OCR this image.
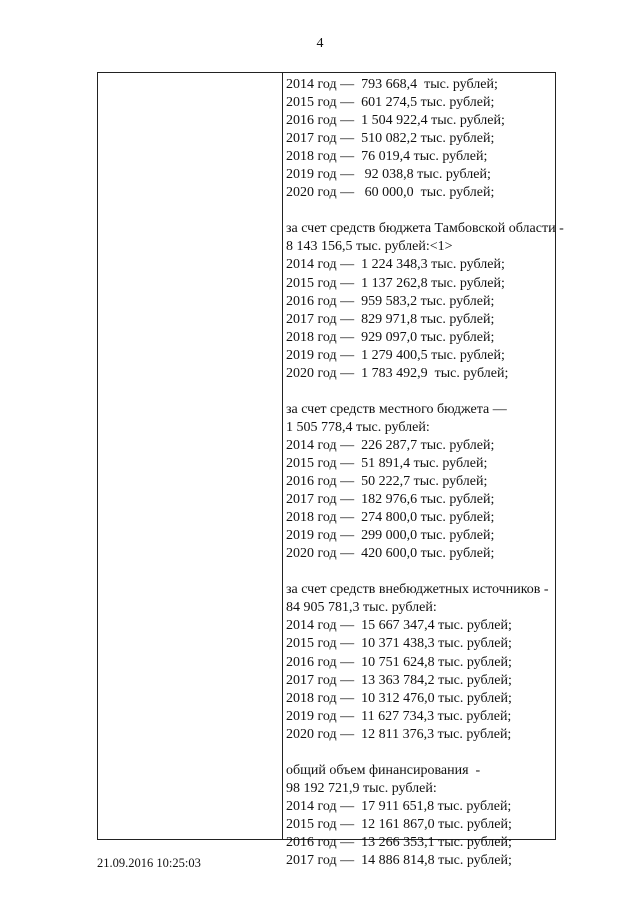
4
2014 год —  793 668,4  тыс. рублей;
2015 год —  601 274,5 тыс. рублей;
2016 год —  1 504 922,4 тыс. рублей;
2017 год —  510 082,2 тыс. рублей;
2018 год —  76 019,4 тыс. рублей;
2019 год —   92 038,8 тыс. рублей;
2020 год —   60 000,0  тыс. рублей;
за счет средств бюджета Тамбовской области -
8 143 156,5 тыс. рублей:<1>
2014 год —  1 224 348,3 тыс. рублей;
2015 год —  1 137 262,8 тыс. рублей;
2016 год —  959 583,2 тыс. рублей;
2017 год —  829 971,8 тыс. рублей;
2018 год —  929 097,0 тыс. рублей;
2019 год —  1 279 400,5 тыс. рублей;
2020 год —  1 783 492,9  тыс. рублей;
за счет средств местного бюджета —
1 505 778,4 тыс. рублей:
2014 год —  226 287,7 тыс. рублей;
2015 год —  51 891,4 тыс. рублей;
2016 год —  50 222,7 тыс. рублей;
2017 год —  182 976,6 тыс. рублей;
2018 год —  274 800,0 тыс. рублей;
2019 год —  299 000,0 тыс. рублей;
2020 год —  420 600,0 тыс. рублей;
за счет средств внебюджетных источников -
84 905 781,3 тыс. рублей:
2014 год —  15 667 347,4 тыс. рублей;
2015 год —  10 371 438,3 тыс. рублей;
2016 год —  10 751 624,8 тыс. рублей;
2017 год —  13 363 784,2 тыс. рублей;
2018 год —  10 312 476,0 тыс. рублей;
2019 год —  11 627 734,3 тыс. рублей;
2020 год —  12 811 376,3 тыс. рублей;
общий объем финансирования  -
98 192 721,9 тыс. рублей:
2014 год —  17 911 651,8 тыс. рублей;
2015 год —  12 161 867,0 тыс. рублей;
2016 год —  13 266 353,1 тыс. рублей;
2017 год —  14 886 814,8 тыс. рублей;
21.09.2016 10:25:03
